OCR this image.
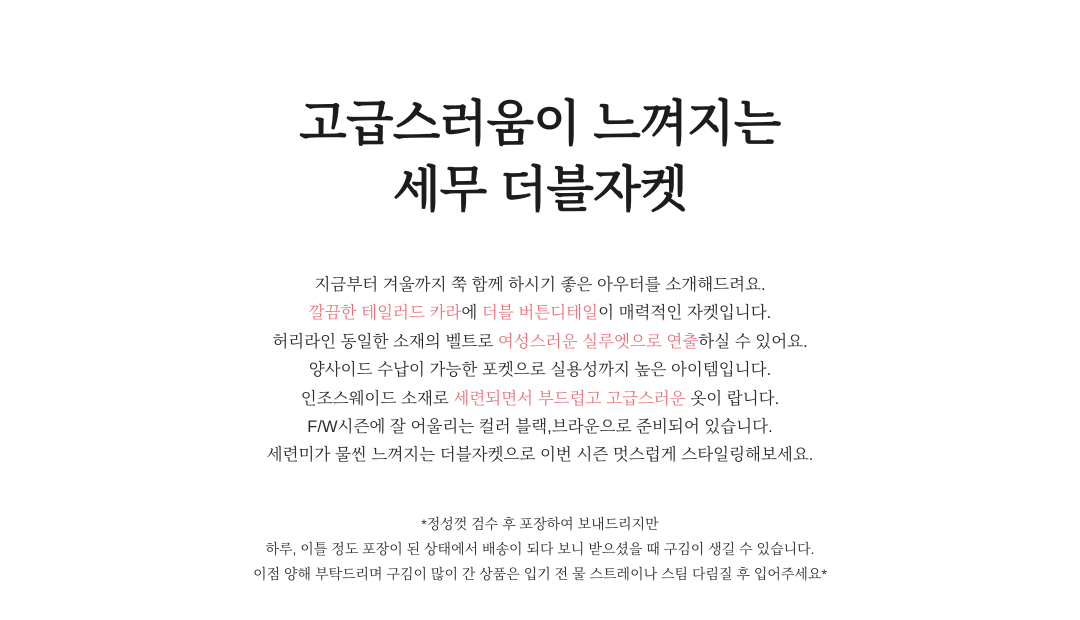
고급스러움이 느껴지는
세무 더블자켓
지금부터 겨울까지 쭉 함께 하시기 좋은 아우터를 소개해드려요.
깔끔한 테일러드 카라에 더블 버튼디테일이 매력적인 자켓입니다.
허리라인 동일한 소재의 벨트로 여성스러운 실루엣으로 연출하실 수 있어요.
양사이드 수납이 가능한 포켓으로 실용성까지 높은 아이템입니다.
인조스웨이드 소재로 세련되면서 부드럽고 고급스러운 옷이 랍니다.
F/W시즌에 잘 어울리는 컬러 블랙,브라운으로 준비되어 있습니다.
세련미가 물씬 느껴지는 더블자켓으로 이번 시즌 멋스럽게 스타일링해보세요.
*정성껏 검수 후 포장하여 보내드리지만
하루, 이틀 정도 포장이 된 상태에서 배송이 되다 보니 받으셨을 때 구김이 생길 수 있습니다.
이점 양해 부탁드리며 구김이 많이 간 상품은 입기 전 물 스트레이나 스팀 다림질 후 입어주세요*
